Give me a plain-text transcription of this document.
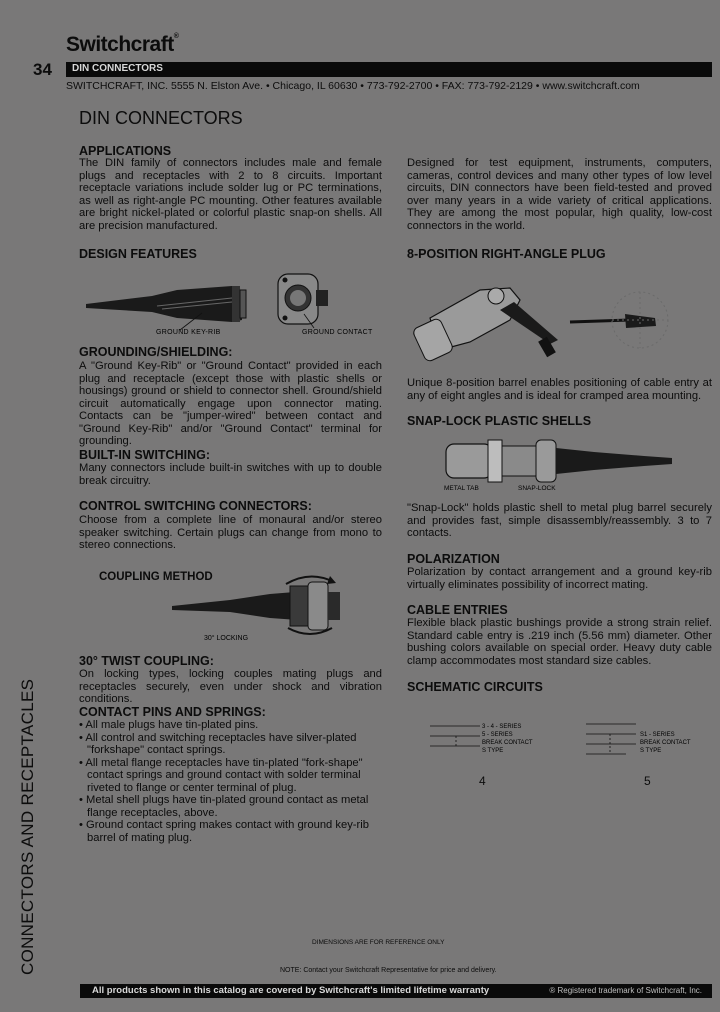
Switchcraft®
34 DIN CONNECTORS
SWITCHCRAFT, INC. 5555 N. Elston Ave. • Chicago, IL 60630 • 773-792-2700 • FAX: 773-792-2129 • www.switchcraft.com
DIN CONNECTORS
APPLICATIONS
The DIN family of connectors includes male and female plugs and receptacles with 2 to 8 circuits. Important receptacle variations include solder lug or PC terminations, as well as right-angle PC mounting. Other features available are bright nickel-plated or colorful plastic snap-on shells. All are precision manufactured.
DESIGN FEATURES
GROUND KEY-RIB	GROUND CONTACT
GROUNDING/SHIELDING:
A "Ground Key-Rib" or "Ground Contact" provided in each plug and receptacle (except those with plastic shells or housings) ground or shield to connector shell. Ground/shield circuit automatically engage upon connector mating. Contacts can be "jumper-wired" between contact and "Ground Key-Rib" and/or "Ground Contact" terminal for grounding.
BUILT-IN SWITCHING:
Many connectors include built-in switches with up to double break circuitry.
CONTROL SWITCHING CONNECTORS:
Choose from a complete line of monaural and/or stereo speaker switching. Certain plugs can change from mono to stereo connections.
COUPLING METHOD
30° LOCKING
30° TWIST COUPLING:
On locking types, locking couples mating plugs and receptacles securely, even under shock and vibration conditions.
CONTACT PINS AND SPRINGS:
• All male plugs have tin-plated pins.
• All control and switching receptacles have silver-plated "forkshape" contact springs.
• All metal flange receptacles have tin-plated "fork-shape" contact springs and ground contact with solder terminal riveted to flange or center terminal of plug.
• Metal shell plugs have tin-plated ground contact as metal flange receptacles, above.
• Ground contact spring makes contact with ground key-rib barrel of mating plug.
Designed for test equipment, instruments, computers, cameras, control devices and many other types of low level circuits, DIN connectors have been field-tested and proved over many years in a wide variety of critical applications. They are among the most popular, high quality, low-cost connectors in the world.
8-POSITION RIGHT-ANGLE PLUG
Unique 8-position barrel enables positioning of cable entry at any of eight angles and is ideal for cramped area mounting.
SNAP-LOCK PLASTIC SHELLS
METAL TAB	SNAP-LOCK
"Snap-Lock" holds plastic shell to metal plug barrel securely and provides fast, simple disassembly/reassembly. 3 to 7 contacts.
POLARIZATION
Polarization by contact arrangement and a ground key-rib virtually eliminates possibility of incorrect mating.
CABLE ENTRIES
Flexible black plastic bushings provide a strong strain relief. Standard cable entry is .219 inch (5.56 mm) diameter. Other bushing colors available on special order. Heavy duty cable clamp accommodates most standard size cables.
SCHEMATIC CIRCUITS
3 - 4 - SERIES
5 - SERIES
BREAK CONTACT
S TYPE
S1 - SERIES
BREAK CONTACT
S TYPE
4	5
CONNECTORS AND RECEPTACLES	DIMENSIONS ARE FOR REFERENCE ONLY
NOTE: Contact your Switchcraft Representative for price and delivery.
All products shown in this catalog are covered by Switchcraft's limited lifetime warranty	® Registered trademark of Switchcraft, Inc.
